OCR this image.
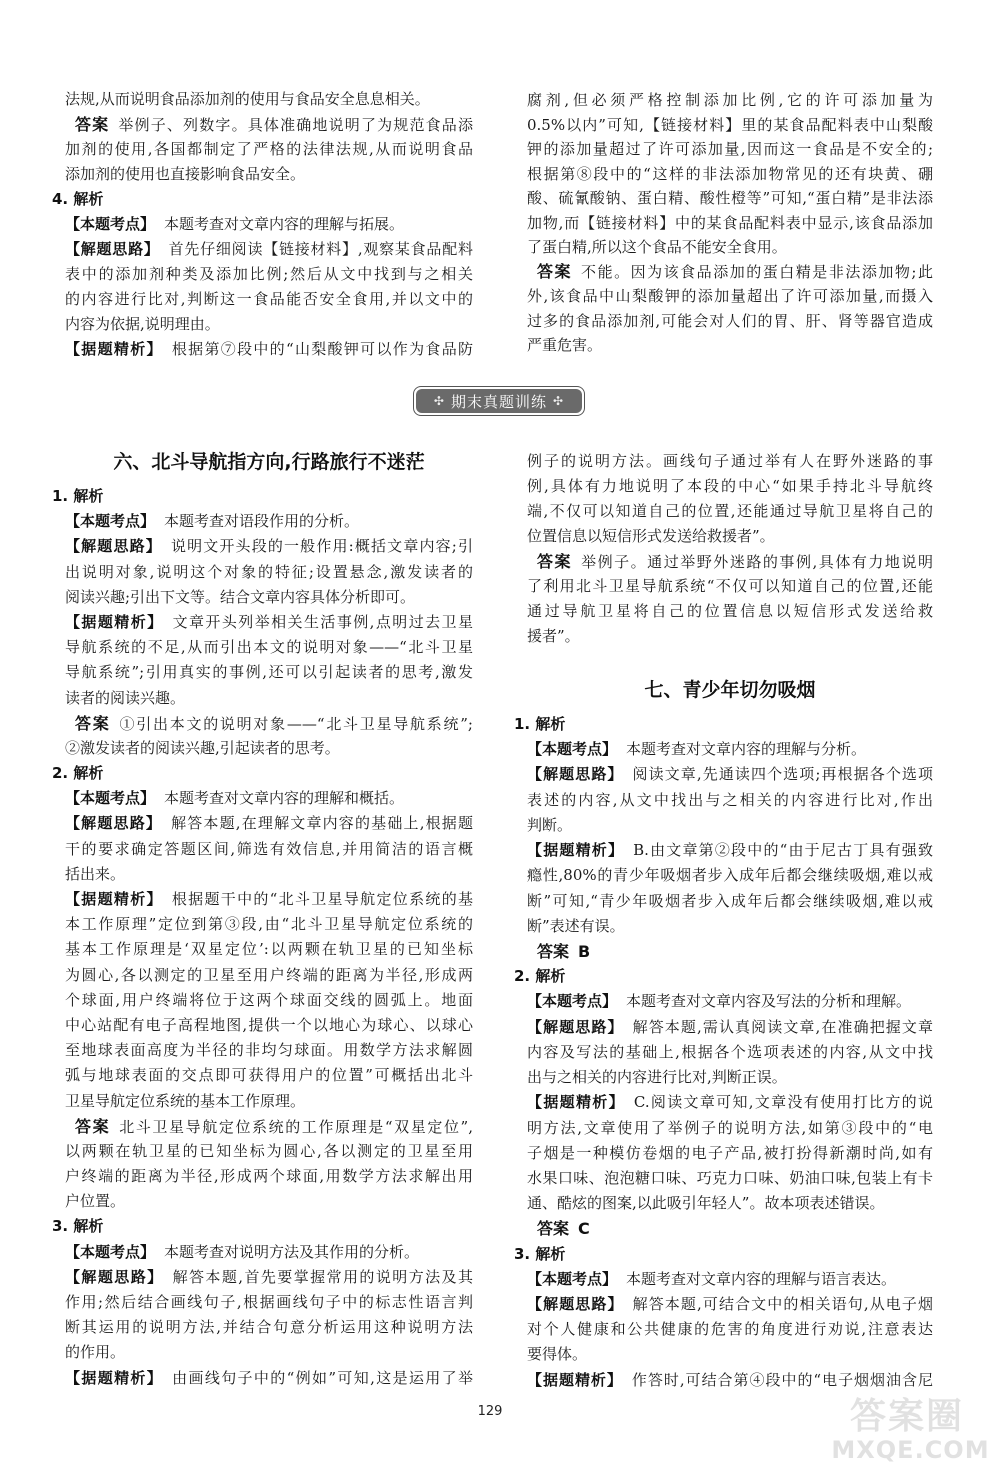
法规,从而说明食品添加剂的使用与食品安全息息相关。
答案 举例子、列数字。具体准确地说明了为规范食品添
加剂的使用,各国都制定了严格的法律法规,从而说明食品
添加剂的使用也直接影响食品安全。
4. 解析
【本题考点】 本题考查对文章内容的理解与拓展。
【解题思路】 首先仔细阅读【链接材料】,观察某食品配料
表中的添加剂种类及添加比例;然后从文中找到与之相关
的内容进行比对,判断这一食品能否安全食用,并以文中的
内容为依据,说明理由。
【据题精析】 根据第⑦段中的“山梨酸钾可以作为食品防
腐剂,但必须严格控制添加比例,它的许可添加量为
0.5%以内”可知,【链接材料】里的某食品配料表中山梨酸
钾的添加量超过了许可添加量,因而这一食品是不安全的;
根据第⑧段中的“这样的非法添加物常见的还有块黄、硼
酸、硫氰酸钠、蛋白精、酸性橙等”可知,“蛋白精”是非法添
加物,而【链接材料】中的某食品配料表中显示,该食品添加
了蛋白精,所以这个食品不能安全食用。
答案 不能。因为该食品添加的蛋白精是非法添加物;此
外,该食品中山梨酸钾的添加量超出了许可添加量,而摄入
过多的食品添加剂,可能会对人们的胃、肝、肾等器官造成
严重危害。
✣ 期末真题训练 ✣
六、北斗导航指方向,行路旅行不迷茫
1. 解析
【本题考点】 本题考查对语段作用的分析。
【解题思路】 说明文开头段的一般作用:概括文章内容;引
出说明对象,说明这个对象的特征;设置悬念,激发读者的
阅读兴趣;引出下文等。结合文章内容具体分析即可。
【据题精析】 文章开头列举相关生活事例,点明过去卫星
导航系统的不足,从而引出本文的说明对象——“北斗卫星
导航系统”;引用真实的事例,还可以引起读者的思考,激发
读者的阅读兴趣。
答案 ①引出本文的说明对象——“北斗卫星导航系统”;
②激发读者的阅读兴趣,引起读者的思考。
2. 解析
【本题考点】 本题考查对文章内容的理解和概括。
【解题思路】 解答本题,在理解文章内容的基础上,根据题
干的要求确定答题区间,筛选有效信息,并用简洁的语言概
括出来。
【据题精析】 根据题干中的“北斗卫星导航定位系统的基
本工作原理”定位到第③段,由“北斗卫星导航定位系统的
基本工作原理是‘双星定位’:以两颗在轨卫星的已知坐标
为圆心,各以测定的卫星至用户终端的距离为半径,形成两
个球面,用户终端将位于这两个球面交线的圆弧上。地面
中心站配有电子高程地图,提供一个以地心为球心、以球心
至地球表面高度为半径的非均匀球面。用数学方法求解圆
弧与地球表面的交点即可获得用户的位置”可概括出北斗
卫星导航定位系统的基本工作原理。
答案 北斗卫星导航定位系统的工作原理是“双星定位”,
以两颗在轨卫星的已知坐标为圆心,各以测定的卫星至用
户终端的距离为半径,形成两个球面,用数学方法求解出用
户位置。
3. 解析
【本题考点】 本题考查对说明方法及其作用的分析。
【解题思路】 解答本题,首先要掌握常用的说明方法及其
作用;然后结合画线句子,根据画线句子中的标志性语言判
断其运用的说明方法,并结合句意分析运用这种说明方法
的作用。
【据题精析】 由画线句子中的“例如”可知,这是运用了举
例子的说明方法。画线句子通过举有人在野外迷路的事
例,具体有力地说明了本段的中心“如果手持北斗导航终
端,不仅可以知道自己的位置,还能通过导航卫星将自己的
位置信息以短信形式发送给救援者”。
答案 举例子。通过举野外迷路的事例,具体有力地说明
了利用北斗卫星导航系统“不仅可以知道自己的位置,还能
通过导航卫星将自己的位置信息以短信形式发送给救
援者”。
七、青少年切勿吸烟
1. 解析
【本题考点】 本题考查对文章内容的理解与分析。
【解题思路】 阅读文章,先通读四个选项;再根据各个选项
表述的内容,从文中找出与之相关的内容进行比对,作出
判断。
【据题精析】 B.由文章第②段中的“由于尼古丁具有强致
瘾性,80%的青少年吸烟者步入成年后都会继续吸烟,难以戒
断”可知,“青少年吸烟者步入成年后都会继续吸烟,难以戒
断”表述有误。
答案 B
2. 解析
【本题考点】 本题考查对文章内容及写法的分析和理解。
【解题思路】 解答本题,需认真阅读文章,在准确把握文章
内容及写法的基础上,根据各个选项表述的内容,从文中找
出与之相关的内容进行比对,判断正误。
【据题精析】 C.阅读文章可知,文章没有使用打比方的说
明方法,文章使用了举例子的说明方法,如第③段中的“电
子烟是一种模仿卷烟的电子产品,被打扮得新潮时尚,如有
水果口味、泡泡糖口味、巧克力口味、奶油口味,包装上有卡
通、酷炫的图案,以此吸引年轻人”。故本项表述错误。
答案 C
3. 解析
【本题考点】 本题考查对文章内容的理解与语言表达。
【解题思路】 解答本题,可结合文中的相关语句,从电子烟
对个人健康和公共健康的危害的角度进行劝说,注意表达
要得体。
【据题精析】 作答时,可结合第④段中的“电子烟烟油含尼
129	答案圈
MXQE.COM
